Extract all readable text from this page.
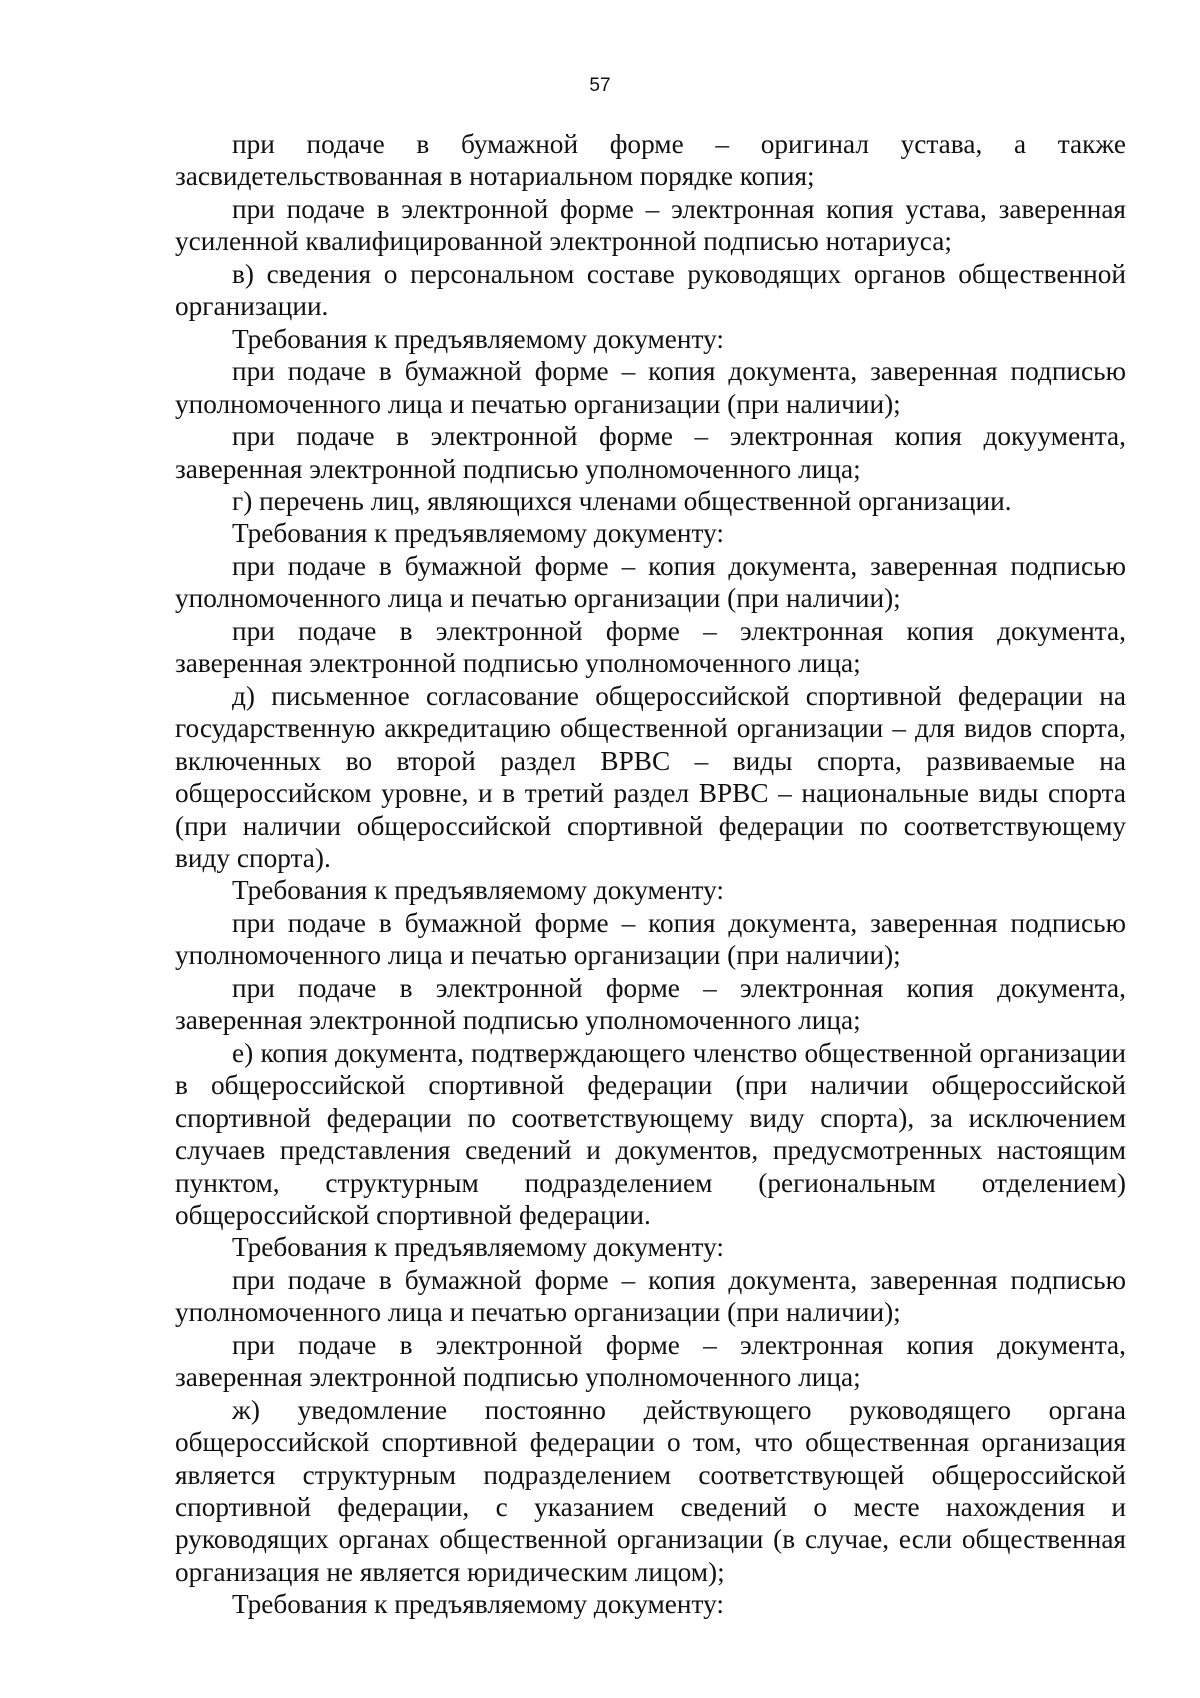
57

при подаче в бумажной форме – оригинал устава, а также засвидетельствованная в нотариальном порядке копия;

при подаче в электронной форме – электронная копия устава, заверенная усиленной квалифицированной электронной подписью нотариуса;

в) сведения о персональном составе руководящих органов общественной организации.

Требования к предъявляемому документу:

при подаче в бумажной форме – копия документа, заверенная подписью уполномоченного лица и печатью организации (при наличии);

при подаче в электронной форме – электронная копия докуумента, заверенная электронной подписью уполномоченного лица;

г) перечень лиц, являющихся членами общественной организации.

Требования к предъявляемому документу:

при подаче в бумажной форме – копия документа, заверенная подписью уполномоченного лица и печатью организации (при наличии);

при подаче в электронной форме – электронная копия документа, заверенная электронной подписью уполномоченного лица;

д) письменное согласование общероссийской спортивной федерации на государственную аккредитацию общественной организации – для видов спорта, включенных во второй раздел ВРВС – виды спорта, развиваемые на общероссийском уровне, и в третий раздел ВРВС – национальные виды спорта (при наличии общероссийской спортивной федерации по соответствующему виду спорта).

Требования к предъявляемому документу:

при подаче в бумажной форме – копия документа, заверенная подписью уполномоченного лица и печатью организации (при наличии);

при подаче в электронной форме – электронная копия документа, заверенная электронной подписью уполномоченного лица;

е) копия документа, подтверждающего членство общественной организации в общероссийской спортивной федерации (при наличии общероссийской спортивной федерации по соответствующему виду спорта), за исключением случаев представления сведений и документов, предусмотренных настоящим пунктом, структурным подразделением (региональным отделением) общероссийской спортивной федерации.

Требования к предъявляемому документу:

при подаче в бумажной форме – копия документа, заверенная подписью уполномоченного лица и печатью организации (при наличии);

при подаче в электронной форме – электронная копия документа, заверенная электронной подписью уполномоченного лица;

ж) уведомление постоянно действующего руководящего органа общероссийской спортивной федерации о том, что общественная организация является структурным подразделением соответствующей общероссийской спортивной федерации, с указанием сведений о месте нахождения и руководящих органах общественной организации (в случае, если общественная организация не является юридическим лицом);

Требования к предъявляемому документу:
